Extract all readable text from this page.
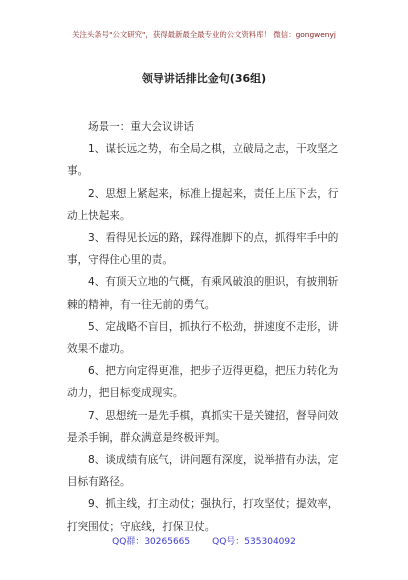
关注头条号"公文研究"，获得最新最全最专业的公文资料库！ 微信：gongwenyj
领导讲话排比金句(36组)

场景一：重大会议讲话

1、谋长远之势，布全局之棋，立破局之志，干攻坚之

事。

2、思想上紧起来，标准上提起来，责任上压下去，行

动上快起来。

3、看得见长远的路，踩得准脚下的点，抓得牢手中的

事，守得住心里的责。

4、有顶天立地的气概，有乘风破浪的胆识，有披荆斩

棘的精神，有一往无前的勇气。

5、定战略不盲目，抓执行不松劲，拼速度不走形，讲

效果不虚功。

6、把方向定得更准，把步子迈得更稳，把压力转化为

动力，把目标变成现实。

7、思想统一是先手棋，真抓实干是关键招，督导问效

是杀手锏，群众满意是终极评判。

8、谈成绩有底气，讲问题有深度，说举措有办法，定

目标有路径。

9、抓主线，打主动仗；强执行，打攻坚仗；提效率，

打突围仗；守底线，打保卫仗。

QQ群：30265665 QQ号：535304092
